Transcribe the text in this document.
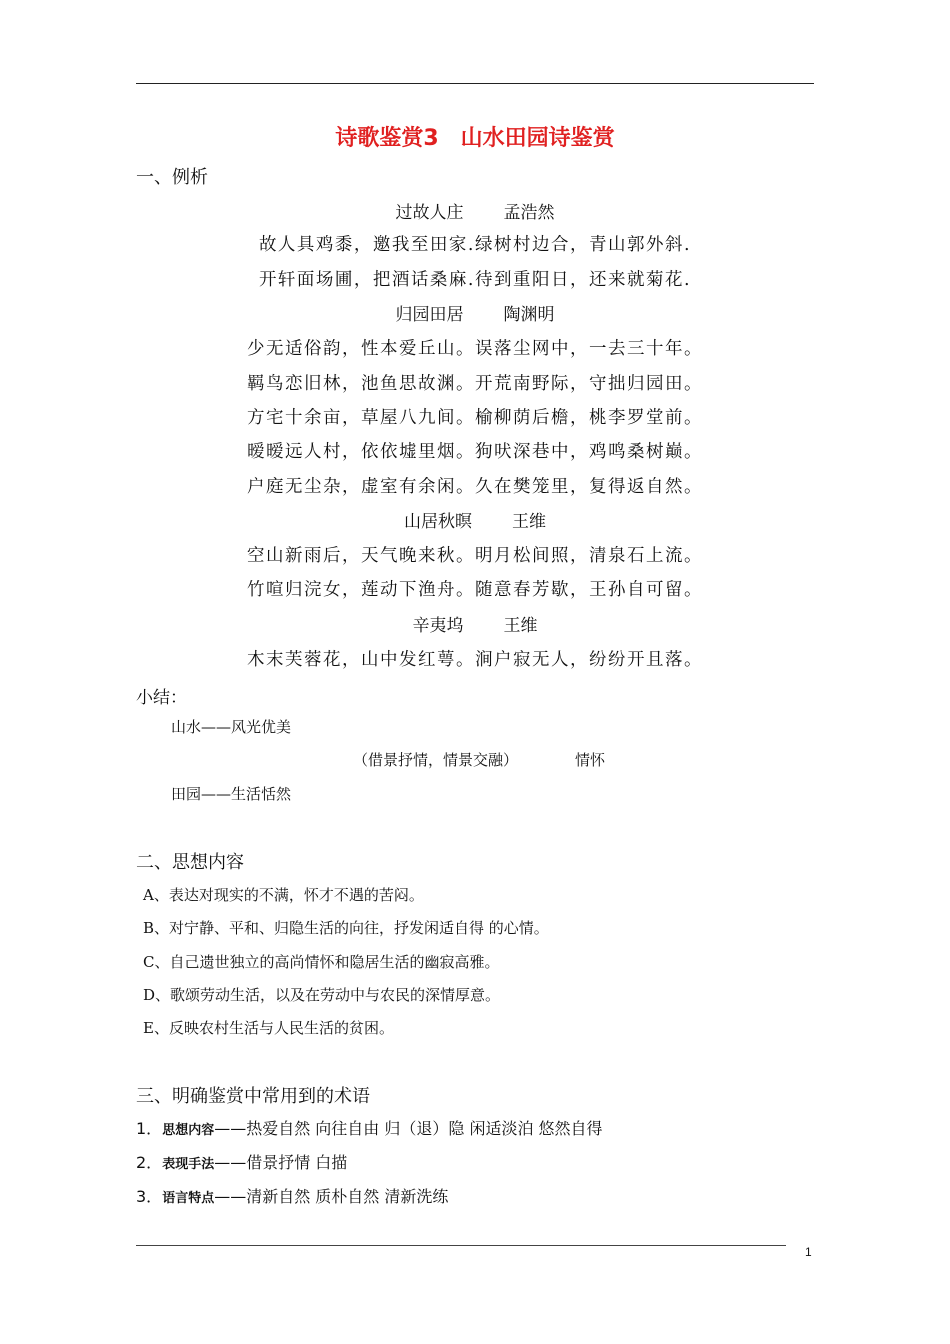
诗歌鉴赏3　山水田园诗鉴赏
一、例析
过故人庄 孟浩然
故人具鸡黍，邀我至田家.绿树村边合，青山郭外斜.
开轩面场圃，把酒话桑麻.待到重阳日，还来就菊花.
归园田居 陶渊明
少无适俗韵，性本爱丘山。误落尘网中，一去三十年。
羁鸟恋旧林，池鱼思故渊。开荒南野际，守拙归园田。
方宅十余亩，草屋八九间。榆柳荫后檐，桃李罗堂前。
暧暧远人村，依依墟里烟。狗吠深巷中，鸡鸣桑树巅。
户庭无尘杂，虚室有余闲。久在樊笼里，复得返自然。
山居秋暝 王维
空山新雨后，天气晚来秋。明月松间照，清泉石上流。
竹喧归浣女，莲动下渔舟。随意春芳歇，王孙自可留。
辛夷坞 王维
木末芙蓉花，山中发红萼。涧户寂无人，纷纷开且落。
小结：
山水——风光优美
（借景抒情，情景交融）	情怀
田园——生活恬然
二、思想内容
A、表达对现实的不满，怀才不遇的苦闷。
B、对宁静、平和、归隐生活的向往，抒发闲适自得 的心情。
C、自己遗世独立的高尚情怀和隐居生活的幽寂高雅。
D、歌颂劳动生活，以及在劳动中与农民的深情厚意。
E、反映农村生活与人民生活的贫困。
三、明确鉴赏中常用到的术语
1．思想内容——热爱自然 向往自由 归（退）隐 闲适淡泊 悠然自得
2．表现手法——借景抒情 白描
3．语言特点——清新自然 质朴自然 清新洗练
1
